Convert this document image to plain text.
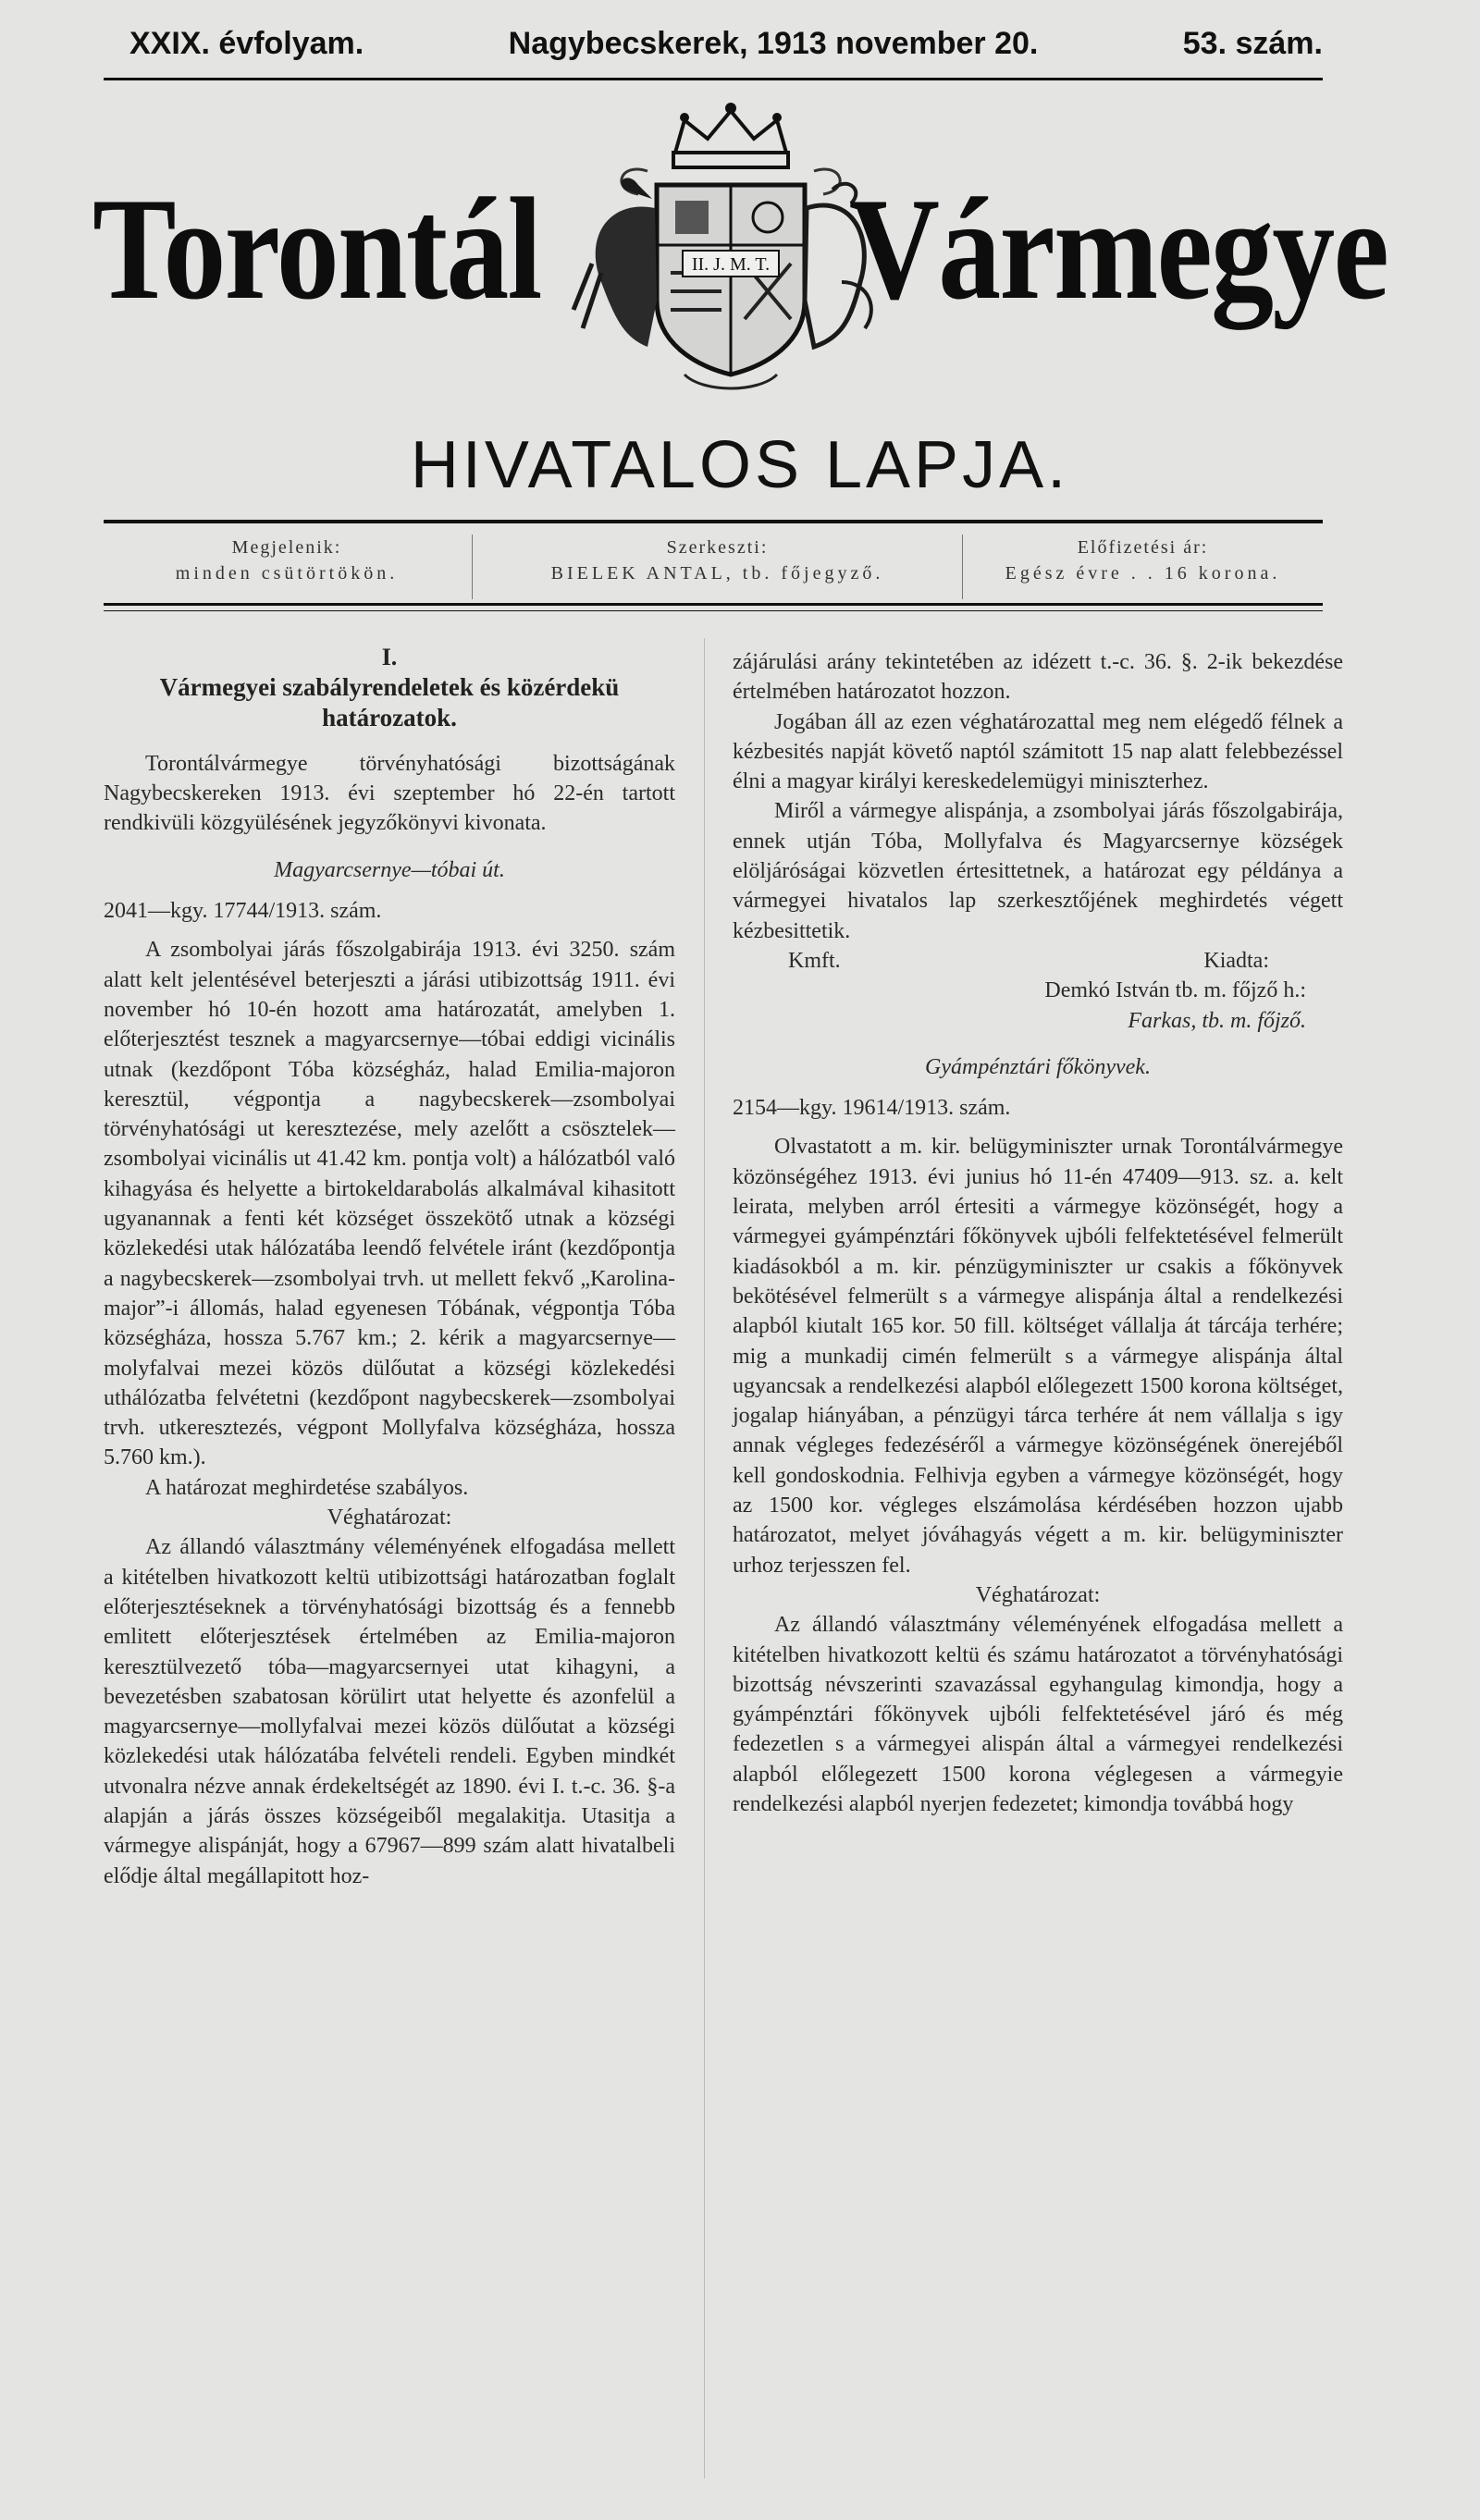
XXIX. évfolyam.	Nagybecskerek, 1913 november 20.	53. szám.
Torontál	II. J. M. T. Vármegye
HIVATALOS LAPJA.
Megjelenik:
minden csütörtökön.
Szerkeszti:
BIELEK ANTAL, tb. főjegyző.
Előfizetési ár:
Egész évre . . 16 korona.

I.

Vármegyei szabályrendeletek és közérdekü határozatok.

Torontálvármegye törvényhatósági bizottságának Nagybecskereken 1913. évi szeptember hó 22-én tartott rendkivüli közgyülésének jegyzőkönyvi kivonata.

Magyarcsernye—tóbai út.

2041—kgy. 17744/1913. szám.

A zsombolyai járás főszolgabirája 1913. évi 3250. szám alatt kelt jelentésével beterjeszti a járási utibizottság 1911. évi november hó 10-én hozott ama határozatát, amelyben 1. előterjesztést tesznek a magyarcsernye—tóbai eddigi vicinális utnak (kezdőpont Tóba községház, halad Emilia-majoron keresztül, végpontja a nagybecskerek—zsombolyai törvényhatósági ut keresztezése, mely azelőtt a csösztelek—zsombolyai vicinális ut 41.42 km. pontja volt) a hálózatból való kihagyása és helyette a birtokeldarabolás alkalmával kihasitott ugyanannak a fenti két községet összekötő utnak a községi közlekedési utak hálózatába leendő felvétele iránt (kezdőpontja a nagybecskerek—zsombolyai trvh. ut mellett fekvő „Karolina-major”-i állomás, halad egyenesen Tóbának, végpontja Tóba községháza, hossza 5.767 km.; 2. kérik a magyarcsernye—molyfalvai mezei közös dülőutat a községi közlekedési uthálózatba felvétetni (kezdőpont nagybecskerek—zsombolyai trvh. utkeresztezés, végpont Mollyfalva községháza, hossza 5.760 km.).

A határozat meghirdetése szabályos.

Véghatározat:

Az állandó választmány véleményének elfogadása mellett a kitételben hivatkozott keltü utibizottsági határozatban foglalt előterjesztéseknek a törvényhatósági bizottság és a fennebb emlitett előterjesztések értelmében az Emilia-majoron keresztülvezető tóba—magyarcsernyei utat kihagyni, a bevezetésben szabatosan körülirt utat helyette és azonfelül a magyarcsernye—mollyfalvai mezei közös dülőutat a községi közlekedési utak hálózatába felvételi rendeli. Egyben mindkét utvonalra nézve annak érdekeltségét az 1890. évi I. t.-c. 36. §-a alapján a járás összes községeiből megalakitja. Utasitja a vármegye alispánját, hogy a 67967—899 szám alatt hivatalbeli elődje által megállapitott hoz-

zájárulási arány tekintetében az idézett t.-c. 36. §. 2-ik bekezdése értelmében határozatot hozzon.

Jogában áll az ezen véghatározattal meg nem elégedő félnek a kézbesités napját követő naptól számitott 15 nap alatt felebbezéssel élni a magyar királyi kereskedelemügyi miniszterhez.

Miről a vármegye alispánja, a zsombolyai járás főszolgabirája, ennek utján Tóba, Mollyfalva és Magyarcsernye községek elöljáróságai közvetlen értesittetnek, a határozat egy példánya a vármegyei hivatalos lap szerkesztőjének meghirdetés végett kézbesittetik.

Kmft.	Kiadta:

Demkó István tb. m. főjző h.:

Farkas, tb. m. főjző.

Gyámpénztári főkönyvek.

2154—kgy. 19614/1913. szám.

Olvastatott a m. kir. belügyminiszter urnak Torontálvármegye közönségéhez 1913. évi junius hó 11-én 47409—913. sz. a. kelt leirata, melyben arról értesiti a vármegye közönségét, hogy a vármegyei gyámpénztári főkönyvek ujbóli felfektetésével felmerült kiadásokból a m. kir. pénzügyminiszter ur csakis a főkönyvek bekötésével felmerült s a vármegye alispánja által a rendelkezési alapból kiutalt 165 kor. 50 fill. költséget vállalja át tárcája terhére; mig a munkadij cimén felmerült s a vármegye alispánja által ugyancsak a rendelkezési alapból előlegezett 1500 korona költséget, jogalap hiányában, a pénzügyi tárca terhére át nem vállalja s igy annak végleges fedezéséről a vármegye közönségének önerejéből kell gondoskodnia. Felhivja egyben a vármegye közönségét, hogy az 1500 kor. végleges elszámolása kérdésében hozzon ujabb határozatot, melyet jóváhagyás végett a m. kir. belügyminiszter urhoz terjesszen fel.

Véghatározat:

Az állandó választmány véleményének elfogadása mellett a kitételben hivatkozott keltü és számu határozatot a törvényhatósági bizottság névszerinti szavazással egyhangulag kimondja, hogy a gyámpénztári főkönyvek ujbóli felfektetésével járó és még fedezetlen s a vármegyei alispán által a vármegyei rendelkezési alapból előlegezett 1500 korona véglegesen a vármegyie rendelkezési alapból nyerjen fedezetet; kimondja továbbá hogy
